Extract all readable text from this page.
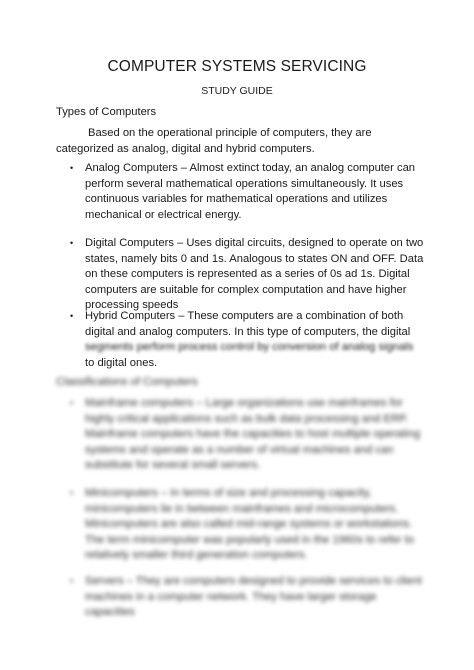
COMPUTER SYSTEMS SERVICING
STUDY GUIDE
Types of Computers
Based on the operational principle of computers, they are categorized as analog, digital and hybrid computers.
• Analog Computers – Almost extinct today, an analog computer can perform several mathematical operations simultaneously. It uses continuous variables for mathematical operations and utilizes mechanical or electrical energy.
• Digital Computers – Uses digital circuits, designed to operate on two states, namely bits 0 and 1s. Analogous to states ON and OFF. Data on these computers is represented as a series of 0s ad 1s. Digital computers are suitable for complex computation and have higher processing speeds
• Hybrid Computers – These computers are a combination of both digital and analog computers. In this type of computers, the digital segments perform process control by conversion of analog signals to digital ones.
Classifications of Computers
• Mainframe computers – Large organizations use mainframes for highly critical applications such as bulk data processing and ERP. Mainframe computers have the capacities to host multiple operating systems and operate as a number of virtual machines and can substitute for several small servers.
• Minicomputers – In terms of size and processing capacity, minicomputers lie in between mainframes and microcomputers. Minicomputers are also called mid-range systems or workstations. The term minicomputer was popularly used in the 1960s to refer to relatively smaller third generation computers.
• Servers – They are computers designed to provide services to client machines in a computer network. They have larger storage capacities
